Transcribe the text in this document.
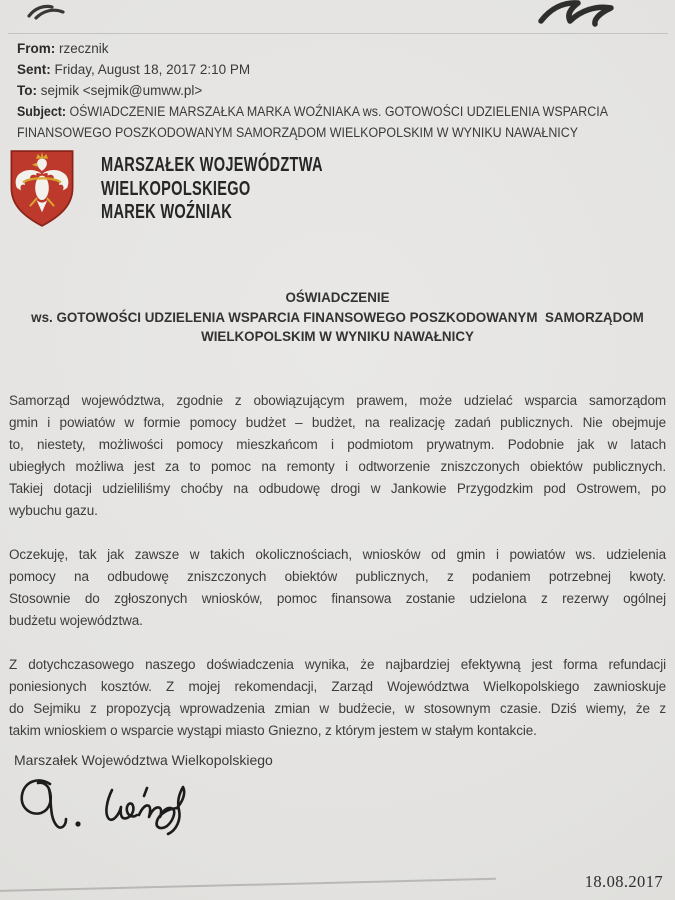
From: rzecznik

Sent: Friday, August 18, 2017 2:10 PM

To: sejmik <sejmik@umww.pl>

Subject: OŚWIADCZENIE MARSZAŁKA MARKA WOŹNIAKA ws. GOTOWOŚCI UDZIELENIA WSPARCIA FINANSOWEGO POSZKODOWANYM SAMORZĄDOM WIELKOPOLSKIM W WYNIKU NAWAŁNICY

MARSZAŁEK WOJEWÓDZTWA
WIELKOPOLSKIEGO
MAREK WOŹNIAK
OŚWIADCZENIE
ws. GOTOWOŚCI UDZIELENIA WSPARCIA FINANSOWEGO POSZKODOWANYM  SAMORZĄDOM
WIELKOPOLSKIM W WYNIKU NAWAŁNICY
Samorząd województwa, zgodnie z obowiązującym prawem, może udzielać wsparcia samorządom
gmin i powiatów w formie pomocy budżet – budżet, na realizację zadań publicznych. Nie obejmuje
to, niestety, możliwości pomocy mieszkańcom i podmiotom prywatnym. Podobnie jak w latach
ubiegłych możliwa jest za to pomoc na remonty i odtworzenie zniszczonych obiektów publicznych.
Takiej dotacji udzieliliśmy choćby na odbudowę drogi w Jankowie Przygodzkim pod Ostrowem, po
wybuchu gazu.
Oczekuję, tak jak zawsze w takich okolicznościach, wniosków od gmin i powiatów ws. udzielenia
pomocy na odbudowę zniszczonych obiektów publicznych, z podaniem potrzebnej kwoty.
Stosownie do zgłoszonych wniosków, pomoc finansowa zostanie udzielona z rezerwy ogólnej
budżetu województwa.
Z dotychczasowego naszego doświadczenia wynika, że najbardziej efektywną jest forma refundacji
poniesionych kosztów. Z mojej rekomendacji, Zarząd Województwa Wielkopolskiego zawnioskuje
do Sejmiku z propozycją wprowadzenia zmian w budżecie, w stosownym czasie. Dziś wiemy, że z
takim wnioskiem o wsparcie wystąpi miasto Gniezno, z którym jestem w stałym kontakcie.
Marszałek Województwa Wielkopolskiego
18.08.2017
